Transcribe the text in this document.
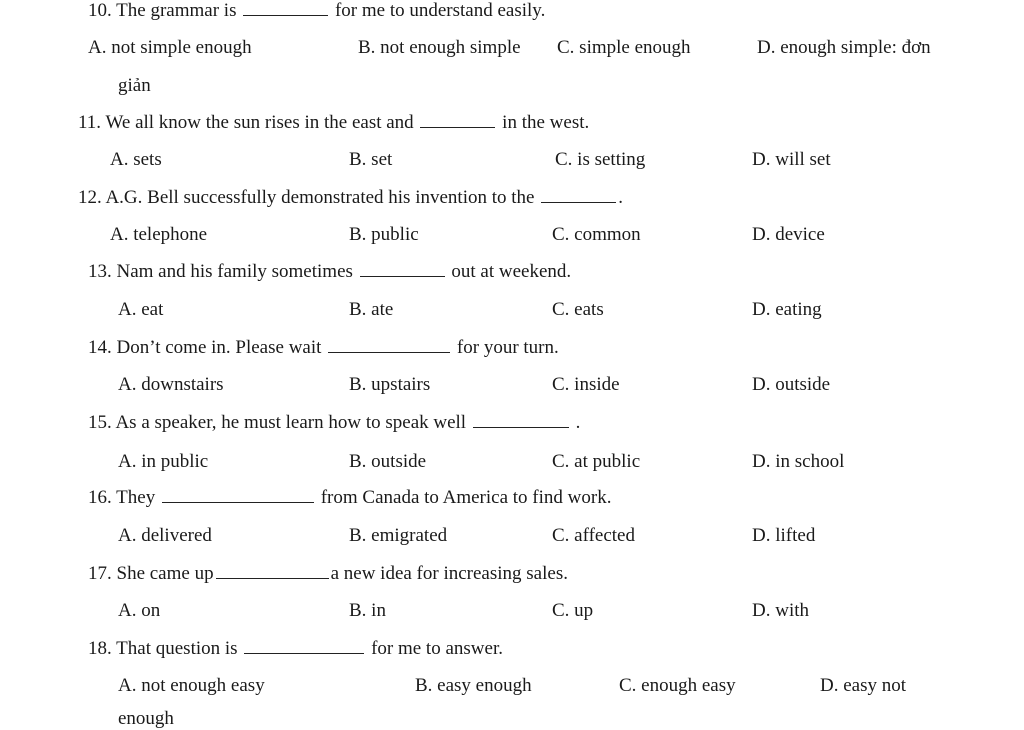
10. The grammar is	for me to understand easily.
A. not simple enough	B. not enough simple C. simple enough	D. enough simple: đơn
giản
11. We all know the sun rises in the east and	in the west.
A. sets	B. set	C. is setting	D. will set
12. A.G. Bell successfully demonstrated his invention to the	.
A. telephone	B. public	C. common	D. device
13. Nam and his family sometimes	out at weekend.
A. eat	B. ate	C. eats	D. eating
14. Don’t come in. Please wait	for your turn.
A. downstairs	B. upstairs	C. inside	D. outside
15. As a speaker, he must learn how to speak well	.
A. in public	B. outside	C. at public	D. in school
16. They	from Canada to America to find work.
A. delivered	B. emigrated	C. affected	D. lifted
17. She came up	a new idea for increasing sales.
A. on	B. in	C. up	D. with
18. That question is	for me to answer.
A. not enough easy	B. easy enough	C. enough easy	D. easy not
enough
